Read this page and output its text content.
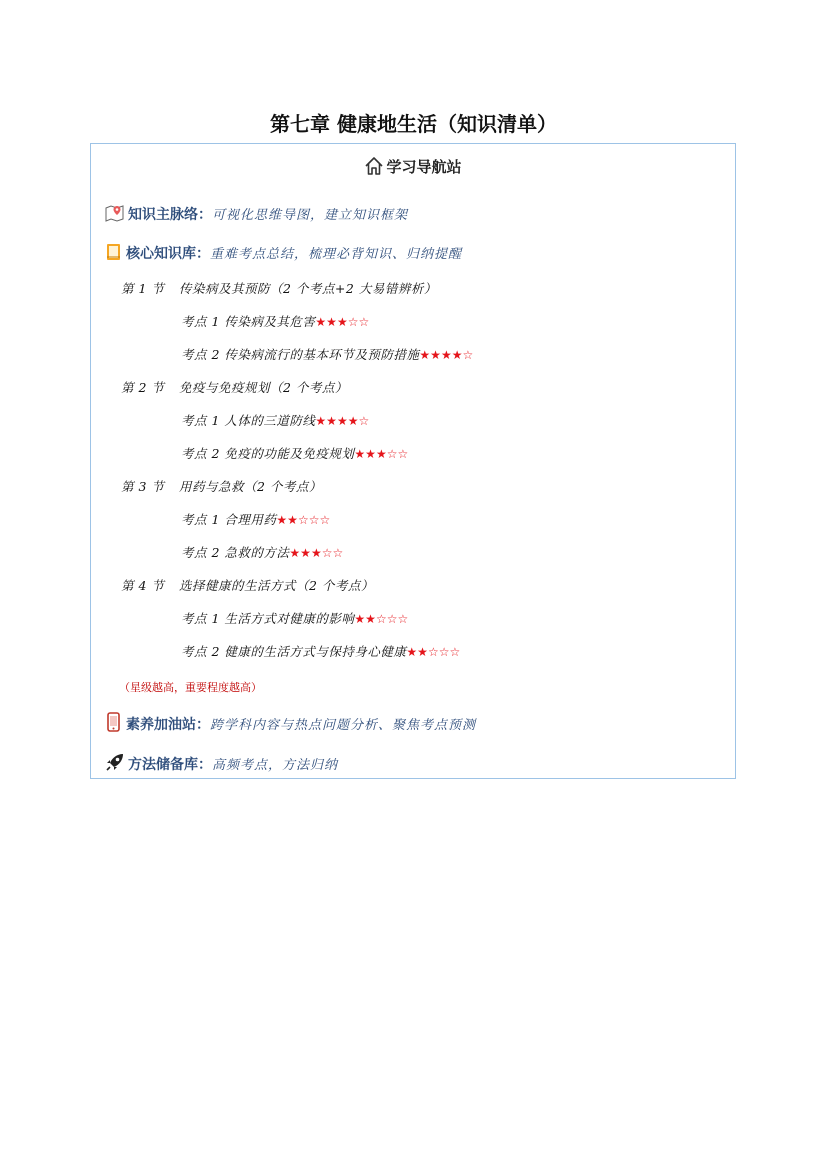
第七章 健康地生活（知识清单）
学习导航站
知识主脉络：可视化思维导图，建立知识框架
核心知识库：重难考点总结，梳理必背知识、归纳提醒
第 1 节 传染病及其预防（2 个考点+2 大易错辨析）
考点 1 传染病及其危害★★★☆☆
考点 2 传染病流行的基本环节及预防措施★★★★☆
第 2 节 免疫与免疫规划（2 个考点）
考点 1 人体的三道防线★★★★☆
考点 2 免疫的功能及免疫规划★★★☆☆
第 3 节 用药与急救（2 个考点）
考点 1 合理用药★★☆☆☆
考点 2 急救的方法★★★☆☆
第 4 节 选择健康的生活方式（2 个考点）
考点 1 生活方式对健康的影响★★☆☆☆
考点 2 健康的生活方式与保持身心健康★★☆☆☆
（星级越高，重要程度越高）
素养加油站：跨学科内容与热点问题分析、聚焦考点预测
方法储备库：高频考点，方法归纳
